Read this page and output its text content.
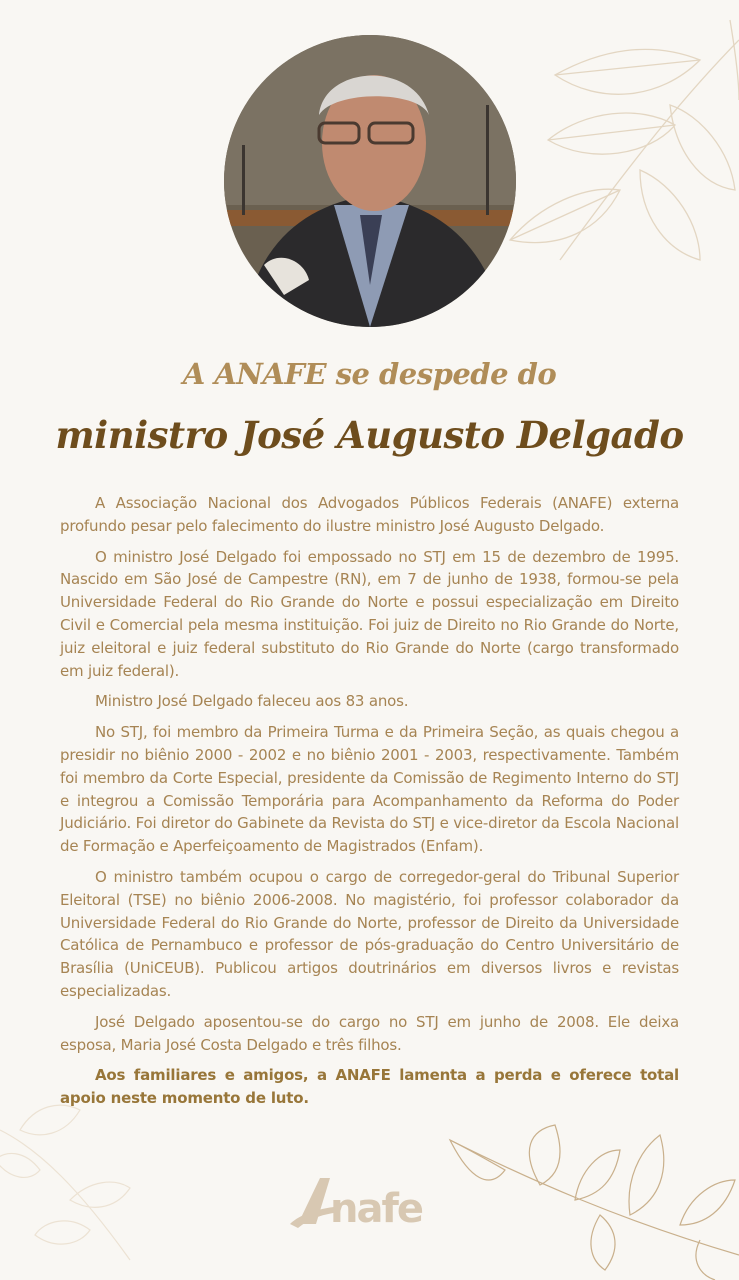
A ANAFE se despede do
ministro José Augusto Delgado

A Associação Nacional dos Advogados Públicos Federais (ANAFE) externa profundo pesar pelo falecimento do ilustre ministro José Augusto Delgado.

O ministro José Delgado foi empossado no STJ em 15 de dezembro de 1995. Nascido em São José de Campestre (RN), em 7 de junho de 1938, formou-se pela Universidade Federal do Rio Grande do Norte e possui especialização em Direito Civil e Comercial pela mesma instituição. Foi juiz de Direito no Rio Grande do Norte, juiz eleitoral e juiz federal substituto do Rio Grande do Norte (cargo transformado em juiz federal).

Ministro José Delgado faleceu aos 83 anos.

No STJ, foi membro da Primeira Turma e da Primeira Seção, as quais chegou a presidir no biênio 2000 - 2002 e no biênio 2001 - 2003, respectivamente. Também foi membro da Corte Especial, presidente da Comissão de Regimento Interno do STJ e integrou a Comissão Temporária para Acompanhamento da Reforma do Poder Judiciário. Foi diretor do Gabinete da Revista do STJ e vice-diretor da Escola Nacional de Formação e Aperfeiçoamento de Magistrados (Enfam).

O ministro também ocupou o cargo de corregedor-geral do Tribunal Superior Eleitoral (TSE) no biênio 2006-2008. No magistério, foi professor colaborador da Universidade Federal do Rio Grande do Norte, professor de Direito da Universidade Católica de Pernambuco e professor de pós-graduação do Centro Universitário de Brasília (UniCEUB). Publicou artigos doutrinários em diversos livros e revistas especializadas.

José Delgado aposentou-se do cargo no STJ em junho de 2008. Ele deixa esposa, Maria José Costa Delgado e três filhos.

Aos familiares e amigos, a ANAFE lamenta a perda e oferece total apoio neste momento de luto.

nafe
